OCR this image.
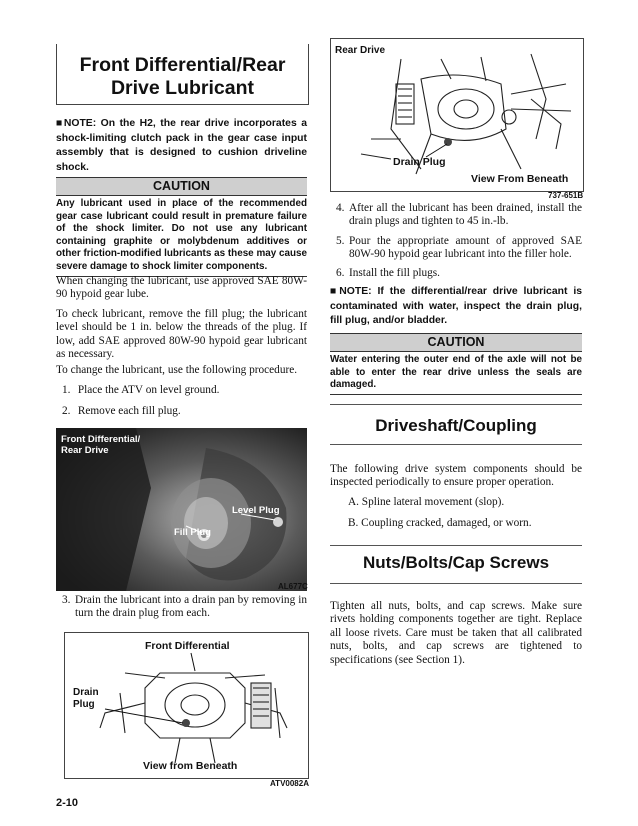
Front Differential/Rear
Drive Lubricant
■NOTE: On the H2, the rear drive incorporates a shock-limiting clutch pack in the gear case input assembly that is designed to cushion driveline shock.
CAUTION
Any lubricant used in place of the recommended gear case lubricant could result in premature failure of the shock limiter. Do not use any lubricant containing graphite or molybdenum additives or other friction-modified lubricants as these may cause severe damage to shock limiter components.
When changing the lubricant, use approved SAE 80W-90 hypoid gear lube.
To check lubricant, remove the fill plug; the lubricant level should be 1 in. below the threads of the plug. If low, add SAE approved 80W-90 hypoid gear lubricant as necessary.
To change the lubricant, use the following procedure.
1. Place the ATV on level ground.
2. Remove each fill plug.
Front Differential/
Rear Drive
Level Plug
Fill Plug
AL677C
3. Drain the lubricant into a drain pan by removing in turn the drain plug from each.
Front Differential
Drain
Plug
View from Beneath
ATV0082A
2-10
Rear Drive
Drain Plug
View From Beneath
737-651B
4. After all the lubricant has been drained, install the drain plugs and tighten to 45 in.-lb.
5. Pour the appropriate amount of approved SAE 80W-90 hypoid gear lubricant into the filler hole.
6. Install the fill plugs.
■NOTE: If the differential/rear drive lubricant is contaminated with water, inspect the drain plug, fill plug, and/or bladder.
CAUTION
Water entering the outer end of the axle will not be able to enter the rear drive unless the seals are damaged.
Driveshaft/Coupling
The following drive system components should be inspected periodically to ensure proper operation.
A. Spline lateral movement (slop).
B. Coupling cracked, damaged, or worn.
Nuts/Bolts/Cap Screws
Tighten all nuts, bolts, and cap screws. Make sure rivets holding components together are tight. Replace all loose rivets. Care must be taken that all calibrated nuts, bolts, and cap screws are tightened to specifications (see Section 1).
